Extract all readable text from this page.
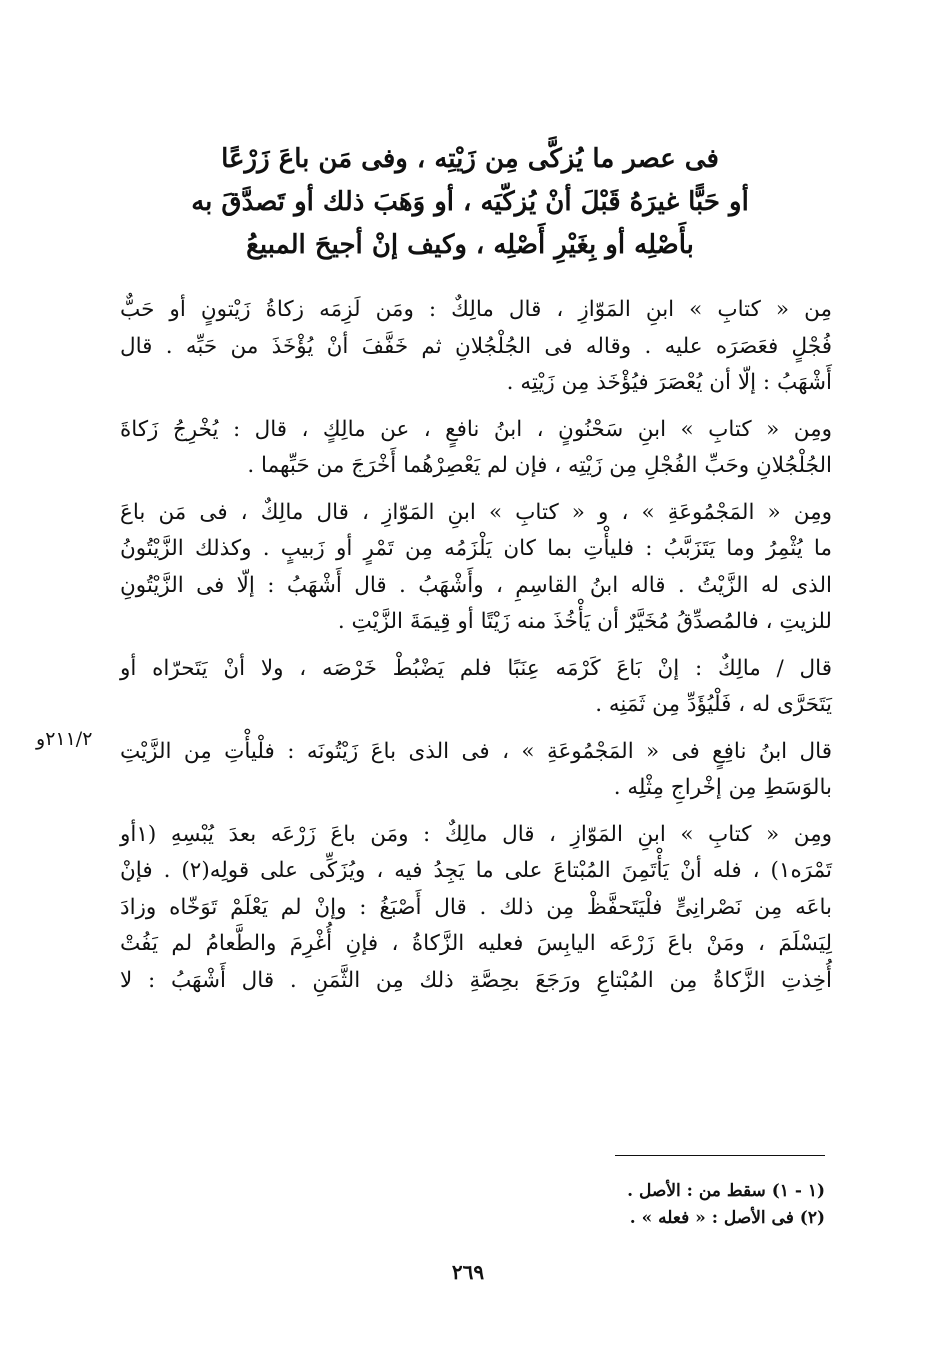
فى عصر ما يُزكَّى مِن زَيْتِه ، وفى مَن باعَ زَرْعًا
أو حَبًّا غيرَهُ قَبْلَ أنْ يُزكّيَه ، أو وَهَبَ ذلك أو تَصدَّقَ به
بأَصْلِه أو بِغَيْرِ أَصْلِه ، وكيف إنْ أجيحَ المبيعُ
مِن « كتابِ » ابنِ المَوّازِ ، قال مالِكٌ : ومَن لَزِمَه زكاةُ زَيْتونٍ أو حَبٌّ
فُجْلٍ فعَصَرَه عليه . وقاله فى الجُلْجُلانِ ثم خَفَّفَ أنْ يُؤْخَذَ من حَبِّه . قال
أَشْهَبُ : إلّا أن يُعْصَرَ فيُؤْخَذ مِن زَيْتِه .
ومِن « كتابِ » ابنِ سَحْنُونٍ ، ابنُ نافعٍ ، عن مالِكٍ ، قال : يُخْرِجُ زَكاةَ
الجُلْجُلانِ وحَبِّ الفُجْلِ مِن زَيْتِه ، فإن لم يَعْصِرْهُما أَخْرَجَ من حَبِّهما .
ومِن « المَجْمُوعَةِ » ، و « كتابِ » ابنِ المَوّازِ ، قال مالِكٌ ، فى مَن باعَ
ما يُثْمِرُ وما يَتَزَبَّبُ : فليأْتِ بما كان يَلْزَمُه مِن تَمْرٍ أو زَبيبٍ . وكذلك الزَّيْتُونُ
الذى له الزَّيْتُ . قاله ابنُ القاسِمِ ، وأَشْهَبُ . قال أَشْهَبُ : إلّا فى الزَّيْتُونِ
للزيتِ ، فالمُصدِّقُ مُخَيَّرٌ أن يَأْخُذَ منه زَيْتًا أو قِيمَةَ الزَّيْتِ .
قال / مالِكٌ : إنْ بَاعَ كَرْمَه عِنَبًا فلم يَضْبُطْ خَرْصَه ، ولا أنْ يَتَحرّاه أو
يَتَحَرَّى له ، فَلْيُؤَدِّ مِن ثَمَنِه .
قال ابنُ نافِعٍ فى « المَجْمُوعَةِ » ، فى الذى باعَ زَيْتُونَه : فلْيأْتِ مِن الزَّيْتِ
بالوَسَطِ مِن إخْراجِ مِثْلِه .
ومِن « كتابِ » ابنِ المَوّازِ ، قال مالِكٌ : ومَن باعَ زَرْعَه بعدَ يُبْسِهِ (١أو
تَمْرَه١) ، فله أنْ يَأْتَمِنَ المُبْتاعَ على ما يَجِدُ فيه ، ويُزَكِّى على قولِه(٢) . فإنْ
باعَه مِن نَصْرانِىٍّ فلْيَتَحفَّظْ مِن ذلك . قال أَصْبَغُ : وإنْ لم يَعْلَمْ تَوَخّاه وزادَ
لِيَسْلَمَ ، ومَنْ باعَ زَرْعَه اليابِسَ فعليه الزَّكاةُ ، فإنِ أُغْرِمَ والطَّعامُ لم يَفُتْ
أُخِذتِ الزَّكاةُ مِن المُبْتاعِ ورَجَعَ بحِصَّةِ ذلك مِن الثَّمَنِ . قال أَشْهَبُ : لا
٢١١/٢و
(١ - ١) سقط من : الأصل .
(٢) فى الأصل : « فعله » .
٢٦٩
